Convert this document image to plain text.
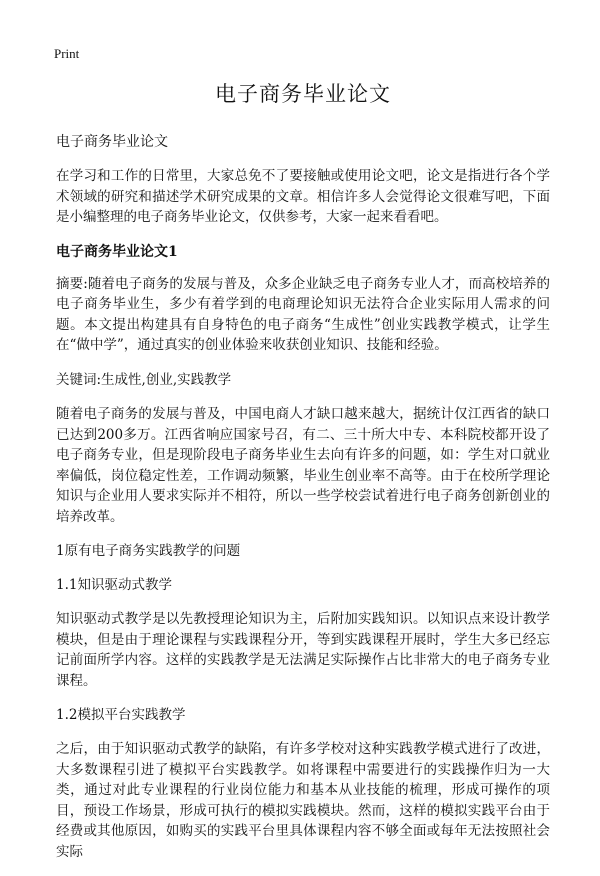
Print
电子商务毕业论文
电子商务毕业论文

在学习和工作的日常里，大家总免不了要接触或使用论文吧，论文是指进行各个学术领域的研究和描述学术研究成果的文章。相信许多人会觉得论文很难写吧，下面是小编整理的电子商务毕业论文，仅供参考，大家一起来看看吧。

电子商务毕业论文1

摘要:随着电子商务的发展与普及，众多企业缺乏电子商务专业人才，而高校培养的电子商务毕业生，多少有着学到的电商理论知识无法符合企业实际用人需求的问题。本文提出构建具有自身特色的电子商务“生成性”创业实践教学模式，让学生在“做中学”，通过真实的创业体验来收获创业知识、技能和经验。

关键词:生成性,创业,实践教学

随着电子商务的发展与普及，中国电商人才缺口越来越大，据统计仅江西省的缺口已达到200多万。江西省响应国家号召，有二、三十所大中专、本科院校都开设了电子商务专业，但是现阶段电子商务毕业生去向有许多的问题，如：学生对口就业率偏低，岗位稳定性差，工作调动频繁，毕业生创业率不高等。由于在校所学理论知识与企业用人要求实际并不相符，所以一些学校尝试着进行电子商务创新创业的培养改革。

1原有电子商务实践教学的问题
1.1知识驱动式教学

知识驱动式教学是以先教授理论知识为主，后附加实践知识。以知识点来设计教学模块，但是由于理论课程与实践课程分开，等到实践课程开展时，学生大多已经忘记前面所学内容。这样的实践教学是无法满足实际操作占比非常大的电子商务专业课程。

1.2模拟平台实践教学

之后，由于知识驱动式教学的缺陷，有许多学校对这种实践教学模式进行了改进，大多数课程引进了模拟平台实践教学。如将课程中需要进行的实践操作归为一大类，通过对此专业课程的行业岗位能力和基本从业技能的梳理，形成可操作的项目，预设工作场景，形成可执行的模拟实践模块。然而，这样的模拟实践平台由于经费或其他原因，如购买的实践平台里具体课程内容不够全面或每年无法按照社会实际
